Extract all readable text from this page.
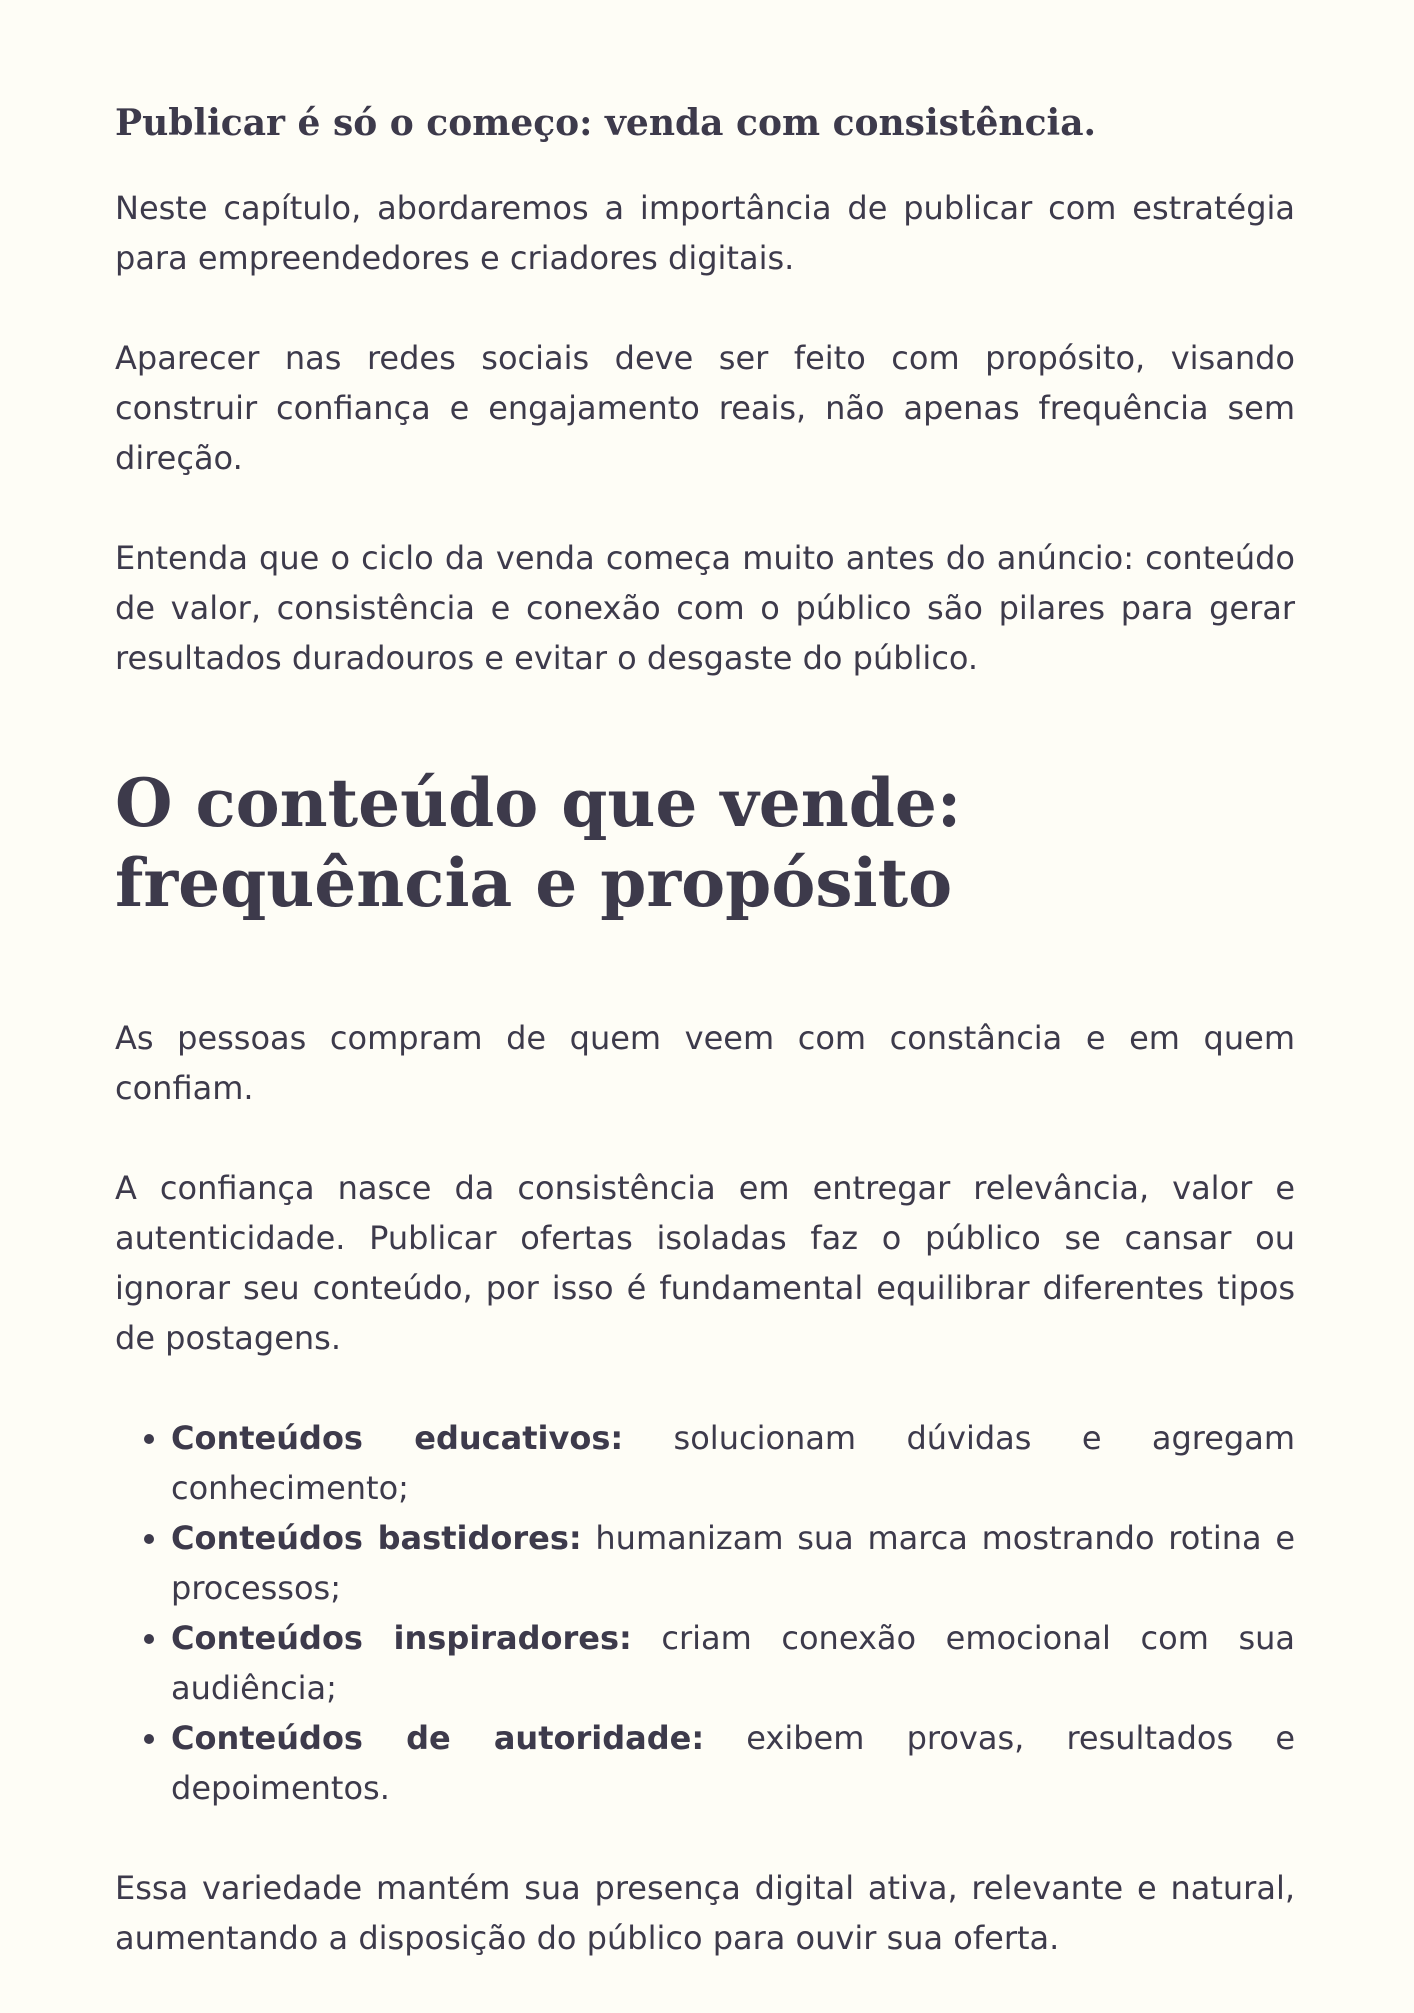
Publicar é só o começo: venda com consistência.

Neste capítulo, abordaremos a importância de publicar com estratégia para empreendedores e criadores digitais.

Aparecer nas redes sociais deve ser feito com propósito, visando construir confiança e engajamento reais, não apenas frequência sem direção.

Entenda que o ciclo da venda começa muito antes do anúncio: conteúdo de valor, consistência e conexão com o público são pilares para gerar resultados duradouros e evitar o desgaste do público.

O conteúdo que vende: frequência e propósito

As pessoas compram de quem veem com constância e em quem confiam.

A confiança nasce da consistência em entregar relevância, valor e autenticidade. Publicar ofertas isoladas faz o público se cansar ou ignorar seu conteúdo, por isso é fundamental equilibrar diferentes tipos de postagens.

• Conteúdos educativos: solucionam dúvidas e agregam conhecimento;
• Conteúdos bastidores: humanizam sua marca mostrando rotina e processos;
• Conteúdos inspiradores: criam conexão emocional com sua audiência;
• Conteúdos de autoridade: exibem provas, resultados e depoimentos.

Essa variedade mantém sua presença digital ativa, relevante e natural, aumentando a disposição do público para ouvir sua oferta.
